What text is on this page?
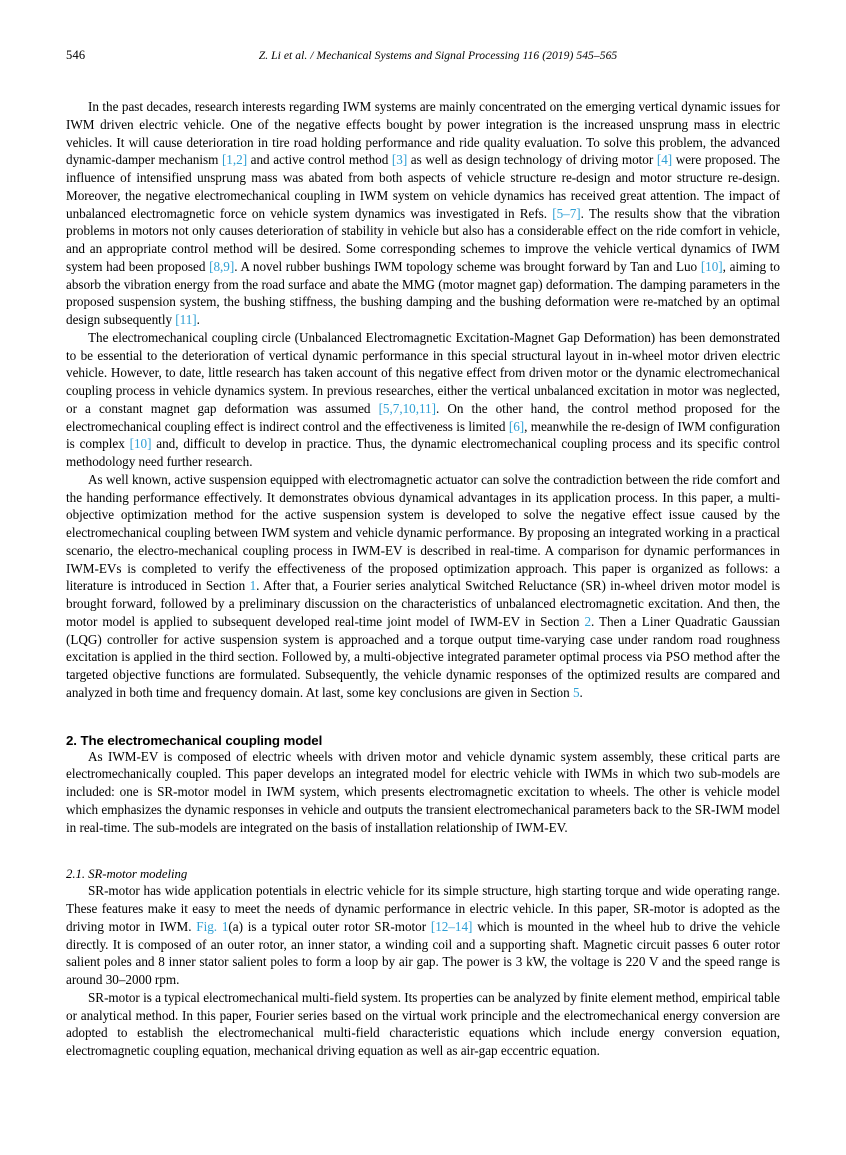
546	Z. Li et al. / Mechanical Systems and Signal Processing 116 (2019) 545–565

In the past decades, research interests regarding IWM systems are mainly concentrated on the emerging vertical dynamic issues for IWM driven electric vehicle. One of the negative effects bought by power integration is the increased unsprung mass in electric vehicles. It will cause deterioration in tire road holding performance and ride quality evaluation. To solve this problem, the advanced dynamic-damper mechanism [1,2] and active control method [3] as well as design technology of driving motor [4] were proposed. The influence of intensified unsprung mass was abated from both aspects of vehicle structure re-design and motor structure re-design. Moreover, the negative electromechanical coupling in IWM system on vehicle dynamics has received great attention. The impact of unbalanced electromagnetic force on vehicle system dynamics was investigated in Refs. [5–7]. The results show that the vibration problems in motors not only causes deterioration of stability in vehicle but also has a considerable effect on the ride comfort in vehicle, and an appropriate control method will be desired. Some corresponding schemes to improve the vehicle vertical dynamics of IWM system had been proposed [8,9]. A novel rubber bushings IWM topology scheme was brought forward by Tan and Luo [10], aiming to absorb the vibration energy from the road surface and abate the MMG (motor magnet gap) deformation. The damping parameters in the proposed suspension system, the bushing stiffness, the bushing damping and the bushing deformation were re-matched by an optimal design subsequently [11].

The electromechanical coupling circle (Unbalanced Electromagnetic Excitation-Magnet Gap Deformation) has been demonstrated to be essential to the deterioration of vertical dynamic performance in this special structural layout in in-wheel motor driven electric vehicle. However, to date, little research has taken account of this negative effect from driven motor or the dynamic electromechanical coupling process in vehicle dynamics system. In previous researches, either the vertical unbalanced excitation in motor was neglected, or a constant magnet gap deformation was assumed [5,7,10,11]. On the other hand, the control method proposed for the electromechanical coupling effect is indirect control and the effectiveness is limited [6], meanwhile the re-design of IWM configuration is complex [10] and, difficult to develop in practice. Thus, the dynamic electromechanical coupling process and its specific control methodology need further research.

As well known, active suspension equipped with electromagnetic actuator can solve the contradiction between the ride comfort and the handing performance effectively. It demonstrates obvious dynamical advantages in its application process. In this paper, a multi-objective optimization method for the active suspension system is developed to solve the negative effect issue caused by the electromechanical coupling between IWM system and vehicle dynamic performance. By proposing an integrated working in a practical scenario, the electro-mechanical coupling process in IWM-EV is described in real-time. A comparison for dynamic performances in IWM-EVs is completed to verify the effectiveness of the proposed optimization approach. This paper is organized as follows: a literature is introduced in Section 1. After that, a Fourier series analytical Switched Reluctance (SR) in-wheel driven motor model is brought forward, followed by a preliminary discussion on the characteristics of unbalanced electromagnetic excitation. And then, the motor model is applied to subsequent developed real-time joint model of IWM-EV in Section 2. Then a Liner Quadratic Gaussian (LQG) controller for active suspension system is approached and a torque output time-varying case under random road roughness excitation is applied in the third section. Followed by, a multi-objective integrated parameter optimal process via PSO method after the targeted objective functions are formulated. Subsequently, the vehicle dynamic responses of the optimized results are compared and analyzed in both time and frequency domain. At last, some key conclusions are given in Section 5.

2. The electromechanical coupling model

As IWM-EV is composed of electric wheels with driven motor and vehicle dynamic system assembly, these critical parts are electromechanically coupled. This paper develops an integrated model for electric vehicle with IWMs in which two sub-models are included: one is SR-motor model in IWM system, which presents electromagnetic excitation to wheels. The other is vehicle model which emphasizes the dynamic responses in vehicle and outputs the transient electromechanical parameters back to the SR-IWM model in real-time. The sub-models are integrated on the basis of installation relationship of IWM-EV.

2.1. SR-motor modeling

SR-motor has wide application potentials in electric vehicle for its simple structure, high starting torque and wide operating range. These features make it easy to meet the needs of dynamic performance in electric vehicle. In this paper, SR-motor is adopted as the driving motor in IWM. Fig. 1(a) is a typical outer rotor SR-motor [12–14] which is mounted in the wheel hub to drive the vehicle directly. It is composed of an outer rotor, an inner stator, a winding coil and a supporting shaft. Magnetic circuit passes 6 outer rotor salient poles and 8 inner stator salient poles to form a loop by air gap. The power is 3 kW, the voltage is 220 V and the speed range is around 30–2000 rpm.

SR-motor is a typical electromechanical multi-field system. Its properties can be analyzed by finite element method, empirical table or analytical method. In this paper, Fourier series based on the virtual work principle and the electromechanical energy conversion are adopted to establish the electromechanical multi-field characteristic equations which include energy conversion equation, electromagnetic coupling equation, mechanical driving equation as well as air-gap eccentric equation.
